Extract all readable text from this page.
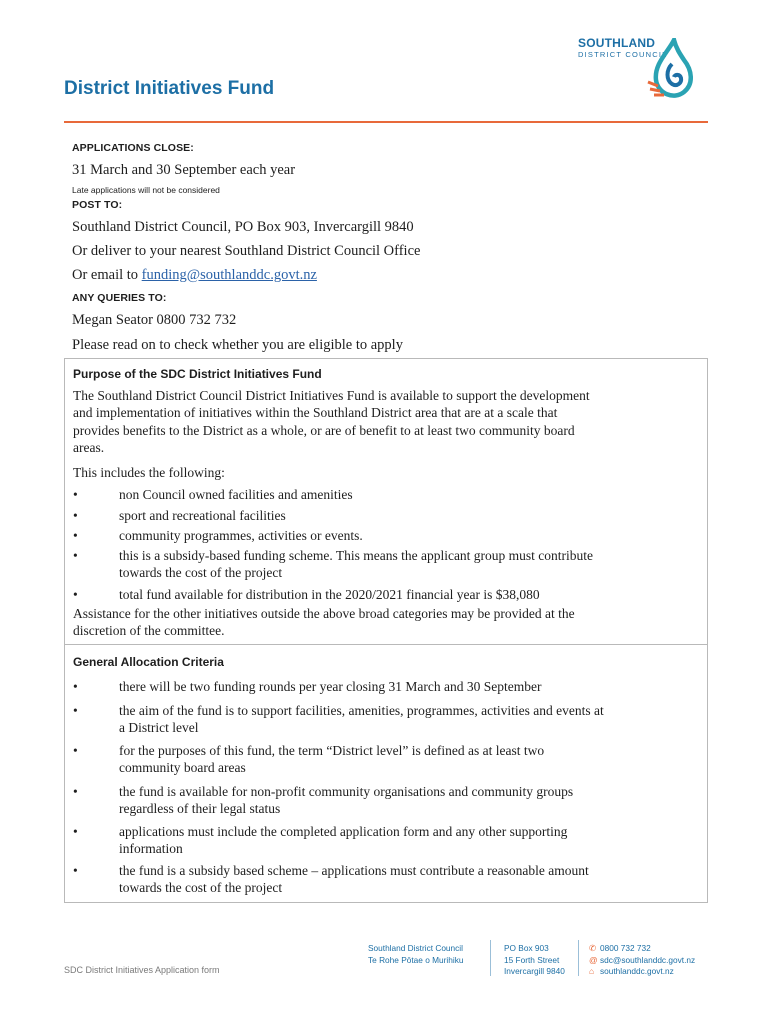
SOUTHLAND
DISTRICT COUNCIL
District Initiatives Fund
APPLICATIONS CLOSE:
31 March and 30 September each year
Late applications will not be considered
POST TO:
Southland District Council, PO Box 903, Invercargill 9840
Or deliver to your nearest Southland District Council Office
Or email to funding@southlanddc.govt.nz
ANY QUERIES TO:
Megan Seator 0800 732 732
Please read on to check whether you are eligible to apply
Purpose of the SDC District Initiatives Fund
The Southland District Council District Initiatives Fund is available to support the development
and implementation of initiatives within the Southland District area that are at a scale that
provides benefits to the District as a whole, or are of benefit to at least two community board
areas.
This includes the following:
•	non Council owned facilities and amenities
•	sport and recreational facilities
•	community programmes, activities or events.
•	this is a subsidy-based funding scheme. This means the applicant group must contribute
towards the cost of the project
•	total fund available for distribution in the 2020/2021 financial year is $38,080
Assistance for the other initiatives outside the above broad categories may be provided at the
discretion of the committee.
General Allocation Criteria
•	there will be two funding rounds per year closing 31 March and 30 September
•	the aim of the fund is to support facilities, amenities, programmes, activities and events at
a District level
•	for the purposes of this fund, the term “District level” is defined as at least two
community board areas
•	the fund is available for non-profit community organisations and community groups
regardless of their legal status
•	applications must include the completed application form and any other supporting
information
•	the fund is a subsidy based scheme – applications must contribute a reasonable amount
towards the cost of the project
SDC District Initiatives Application form
Southland District Council
Te Rohe Pōtae o Murihiku
PO Box 903
15 Forth Street
Invercargill 9840
✆ 0800 732 732
@ sdc@southlanddc.govt.nz
⌂ southlanddc.govt.nz
